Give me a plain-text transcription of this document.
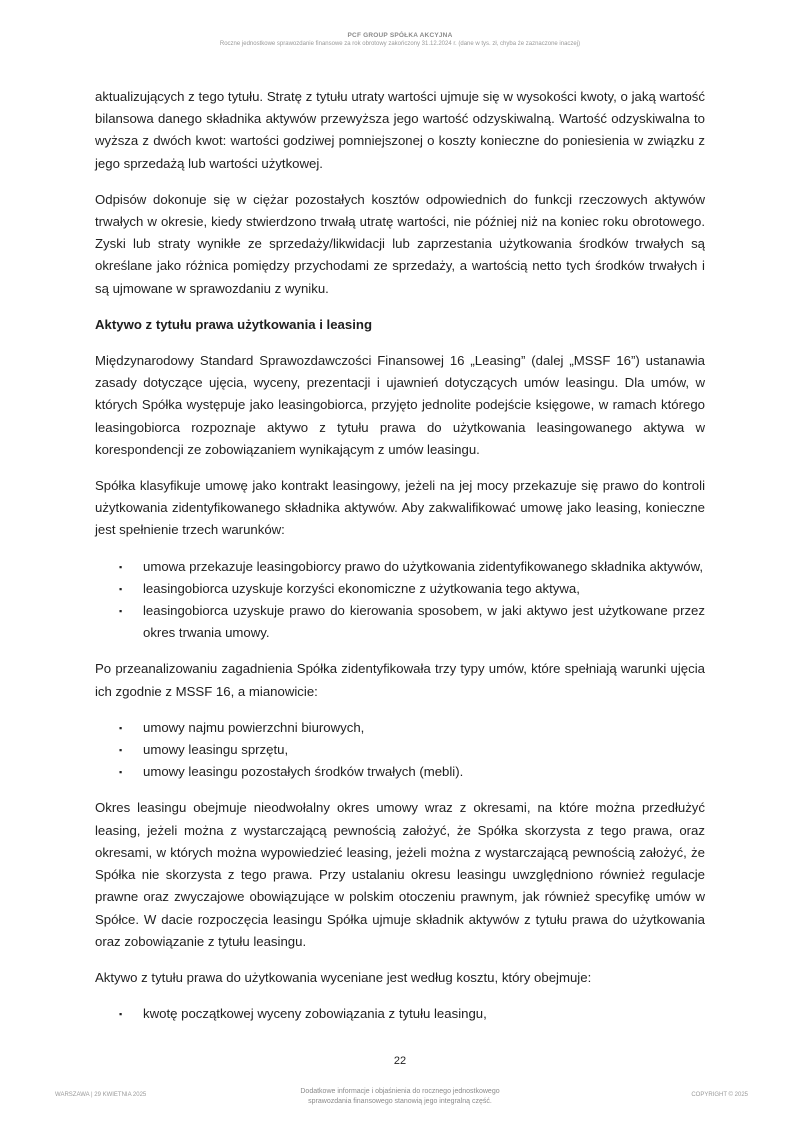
PCF GROUP SPÓŁKA AKCYJNA
Roczne jednostkowe sprawozdanie finansowe za rok obrotowy zakończony 31.12.2024 r. (dane w tys. zł, chyba że zaznaczone inaczej)

aktualizujących z tego tytułu. Stratę z tytułu utraty wartości ujmuje się w wysokości kwoty, o jaką wartość bilansowa danego składnika aktywów przewyższa jego wartość odzyskiwalną. Wartość odzyskiwalna to wyższa z dwóch kwot: wartości godziwej pomniejszonej o koszty konieczne do poniesienia w związku z jego sprzedażą lub wartości użytkowej.

Odpisów dokonuje się w ciężar pozostałych kosztów odpowiednich do funkcji rzeczowych aktywów trwałych w okresie, kiedy stwierdzono trwałą utratę wartości, nie później niż na koniec roku obrotowego. Zyski lub straty wynikłe ze sprzedaży/likwidacji lub zaprzestania użytkowania środków trwałych są określane jako różnica pomiędzy przychodami ze sprzedaży, a wartością netto tych środków trwałych i są ujmowane w sprawozdaniu z wyniku.

Aktywo z tytułu prawa użytkowania i leasing

Międzynarodowy Standard Sprawozdawczości Finansowej 16 „Leasing” (dalej „MSSF 16”) ustanawia zasady dotyczące ujęcia, wyceny, prezentacji i ujawnień dotyczących umów leasingu. Dla umów, w których Spółka występuje jako leasingobiorca, przyjęto jednolite podejście księgowe, w ramach którego leasingobiorca rozpoznaje aktywo z tytułu prawa do użytkowania leasingowanego aktywa w korespondencji ze zobowiązaniem wynikającym z umów leasingu.

Spółka klasyfikuje umowę jako kontrakt leasingowy, jeżeli na jej mocy przekazuje się prawo do kontroli użytkowania zidentyfikowanego składnika aktywów. Aby zakwalifikować umowę jako leasing, konieczne jest spełnienie trzech warunków:

▪ umowa przekazuje leasingobiorcy prawo do użytkowania zidentyfikowanego składnika aktywów,
▪ leasingobiorca uzyskuje korzyści ekonomiczne z użytkowania tego aktywa,
▪ leasingobiorca uzyskuje prawo do kierowania sposobem, w jaki aktywo jest użytkowane przez okres trwania umowy.

Po przeanalizowaniu zagadnienia Spółka zidentyfikowała trzy typy umów, które spełniają warunki ujęcia ich zgodnie z MSSF 16, a mianowicie:

▪ umowy najmu powierzchni biurowych,
▪ umowy leasingu sprzętu,
▪ umowy leasingu pozostałych środków trwałych (mebli).

Okres leasingu obejmuje nieodwołalny okres umowy wraz z okresami, na które można przedłużyć leasing, jeżeli można z wystarczającą pewnością założyć, że Spółka skorzysta z tego prawa, oraz okresami, w których można wypowiedzieć leasing, jeżeli można z wystarczającą pewnością założyć, że Spółka nie skorzysta z tego prawa. Przy ustalaniu okresu leasingu uwzględniono również regulacje prawne oraz zwyczajowe obowiązujące w polskim otoczeniu prawnym, jak również specyfikę umów w Spółce. W dacie rozpoczęcia leasingu Spółka ujmuje składnik aktywów z tytułu prawa do użytkowania oraz zobowiązanie z tytułu leasingu.

Aktywo z tytułu prawa do użytkowania wyceniane jest według kosztu, który obejmuje:

▪ kwotę początkowej wyceny zobowiązania z tytułu leasingu,
22
WARSZAWA | 29 KWIETNIA 2025	Dodatkowe informacje i objaśnienia do rocznego jednostkowego
sprawozdania finansowego stanowią jego integralną część.
COPYRIGHT © 2025
